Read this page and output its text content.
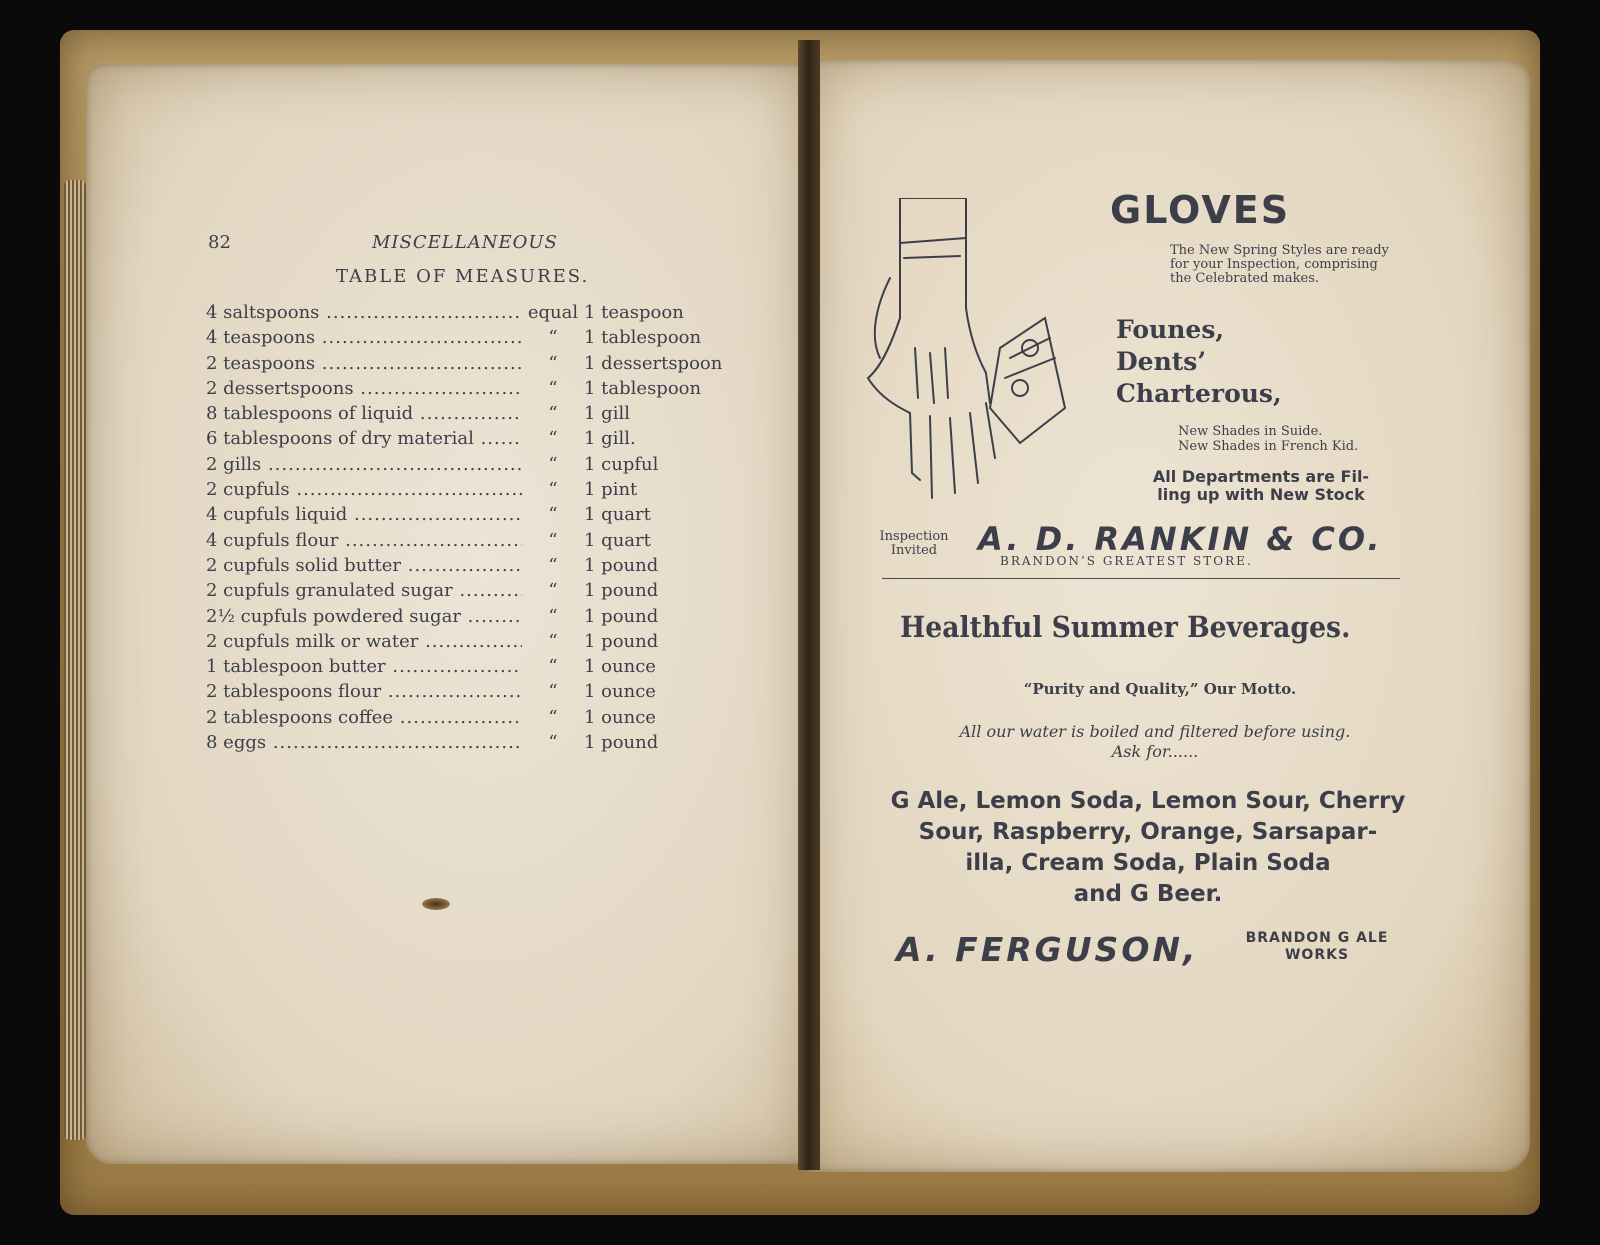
82	MISCELLANEOUS
TABLE OF MEASURES.
4 saltspoons .....	equal 1 teaspoon
4 teaspoons .....	“	1 tablespoon
2 teaspoons .....	“	1 dessertspoon
2 dessertspoons .....	“	1 tablespoon
8 tablespoons of liquid .....	“	1 gill
6 tablespoons of dry material .....	“	1 gill.
2 gills .....	“	1 cupful
2 cupfuls .....	“	1 pint
4 cupfuls liquid .....	“	1 quart
4 cupfuls flour .....	“	1 quart
2 cupfuls solid butter .....	“	1 pound
2 cupfuls granulated sugar .....	“	1 pound
2½ cupfuls powdered sugar .....	“	1 pound
2 cupfuls milk or water .....	“	1 pound
1 tablespoon butter .....	“	1 ounce
2 tablespoons flour .....	“	1 ounce
2 tablespoons coffee .....	“	1 ounce
8 eggs .....	“	1 pound
GLOVES
The New Spring Styles are ready for your Inspection, comprising the Celebrated makes.
Founes,
Dents’
Charterous,
New Shades in Suide.
New Shades in French Kid.
All Departments are Fil-
ling up with New Stock
Inspection
Invited	A. D. RANKIN & CO.
BRANDON’S GREATEST STORE.
Healthful Summer Beverages.
“Purity and Quality,” Our Motto.
All our water is boiled and filtered before using.
Ask for......
G Ale, Lemon Soda, Lemon Sour, Cherry
Sour, Raspberry, Orange, Sarsapar-
illa, Cream Soda, Plain Soda
and G Beer.
A. FERGUSON,	BRANDON G ALE
WORKS
